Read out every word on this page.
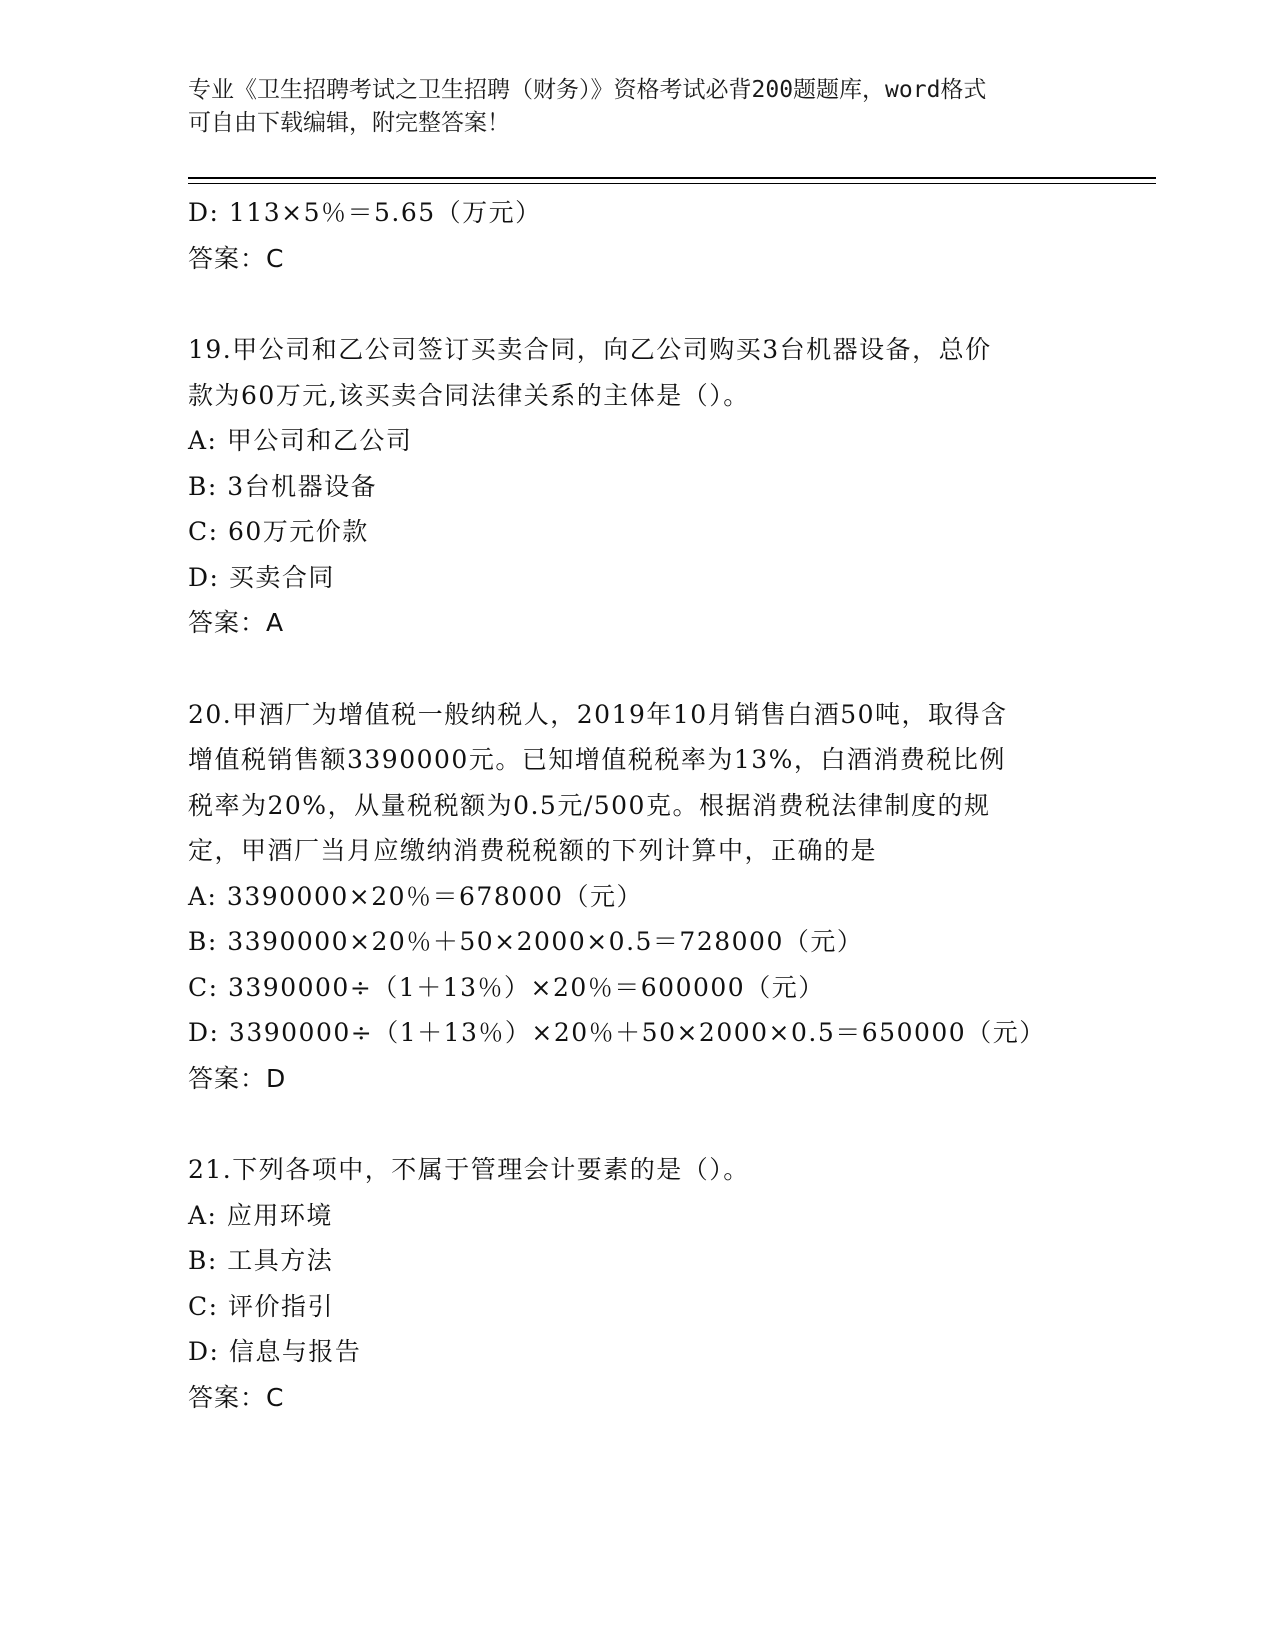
专业《卫生招聘考试之卫生招聘（财务）》资格考试必背200题题库，word格式
可自由下载编辑，附完整答案！
D: 113×5％＝5.65（万元）
答案：C
19.甲公司和乙公司签订买卖合同，向乙公司购买3台机器设备，总价
款为60万元,该买卖合同法律关系的主体是（）。
A: 甲公司和乙公司
B: 3台机器设备
C: 60万元价款
D: 买卖合同
答案：A
20.甲酒厂为增值税一般纳税人，2019年10月销售白酒50吨，取得含
增值税销售额3390000元。已知增值税税率为13%，白酒消费税比例
税率为20%，从量税税额为0.5元/500克。根据消费税法律制度的规
定，甲酒厂当月应缴纳消费税税额的下列计算中，正确的是
A: 3390000×20％＝678000（元）
B: 3390000×20％＋50×2000×0.5＝728000（元）
C: 3390000÷（1＋13％）×20％＝600000（元）
D: 3390000÷（1＋13％）×20％＋50×2000×0.5＝650000（元）
答案：D
21.下列各项中，不属于管理会计要素的是（）。
A: 应用环境
B: 工具方法
C: 评价指引
D: 信息与报告
答案：C
